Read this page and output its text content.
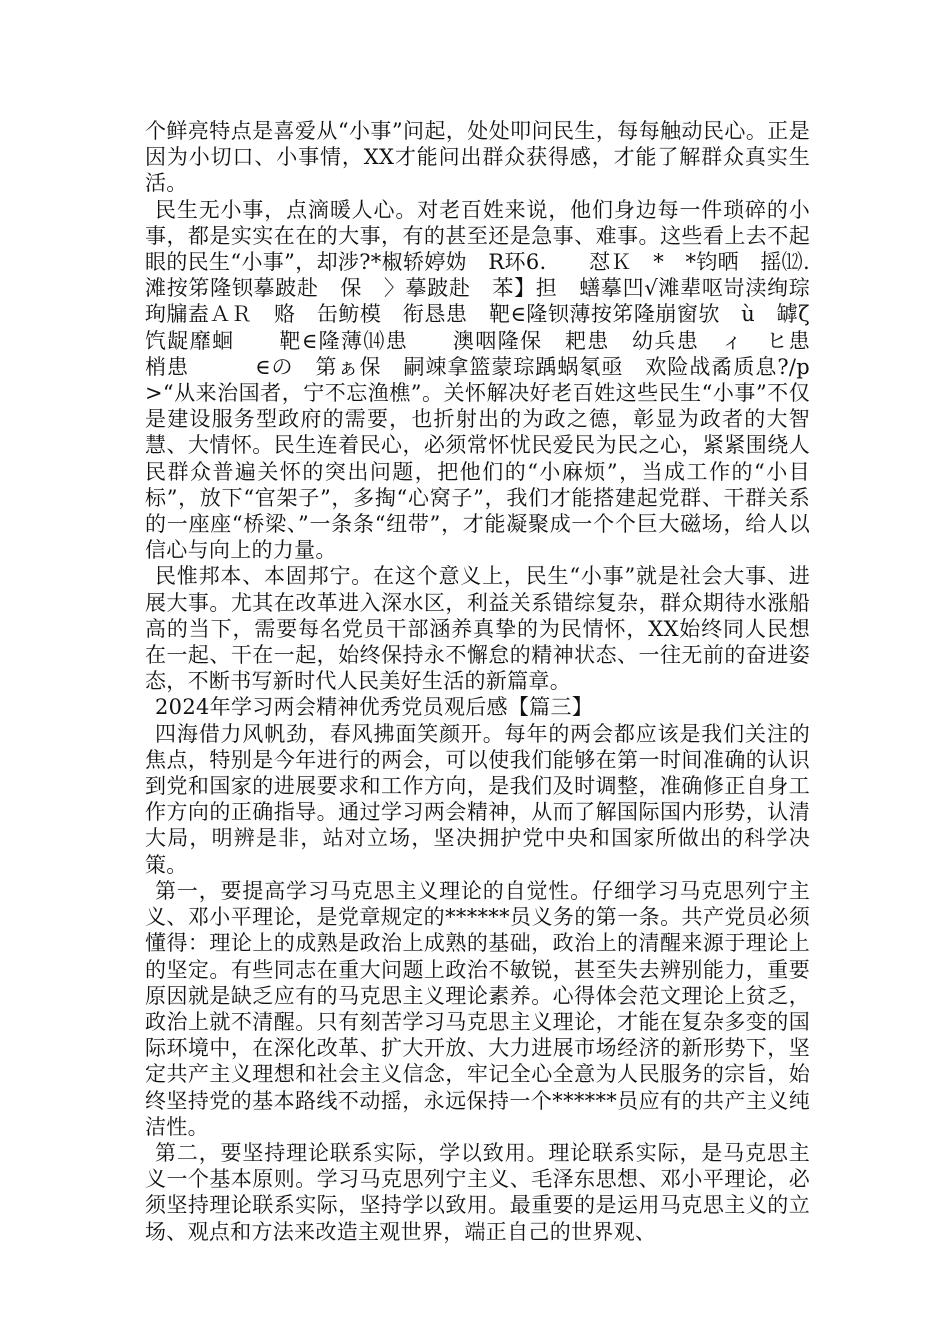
个鲜亮特点是喜爱从“小事”问起，处处叩问民生，每每触动民心。正是因为小切口、小事情，XX才能问出群众获得感，才能了解群众真实生活。

民生无小事，点滴暖人心。对老百姓来说，他们身边每一件琐碎的小事，都是实实在在的大事，有的甚至还是急事、难事。这些看上去不起眼的民生“小事”，却涉?*椒轿婷妫　R环6.　　怼Ｋ　*　*钧晒　摇⑿.　滩按笫隆钡摹跛赴　保　〉摹跛赴　苯】担　蟮摹凹√滩辈呕岢渎绚琮珣牖盍ＡＲ　赂　缶鲂模　衔恳患　靶∈隆钡薄按笫隆崩窗欤　ù　罅ζ　饩龊靡蛔　　靶∈隆薄⒁患　　澳咽隆保　耙患　幼兵患　ィ　ヒ患　梢患　　　∈の　第ぁ保　嗣竦拿篮蒙琮踽蜗氡亟　欢险战矞质息?/p>“从来治国者，宁不忘渔樵”。关怀解决好老百姓这些民生“小事”不仅是建设服务型政府的需要，也折射出的为政之德，彰显为政者的大智慧、大情怀。民生连着民心，必须常怀忧民爱民为民之心，紧紧围绕人民群众普遍关怀的突出问题，把他们的“小麻烦”，当成工作的“小目标”，放下“官架子”，多掏“心窝子”，我们才能搭建起党群、干群关系的一座座“桥梁、”一条条“纽带”，才能凝聚成一个个巨大磁场，给人以信心与向上的力量。

民惟邦本、本固邦宁。在这个意义上，民生“小事”就是社会大事、进展大事。尤其在改革进入深水区，利益关系错综复杂，群众期待水涨船高的当下，需要每名党员干部涵养真挚的为民情怀，XX始终同人民想在一起、干在一起，始终保持永不懈怠的精神状态、一往无前的奋进姿态，不断书写新时代人民美好生活的新篇章。

2024年学习两会精神优秀党员观后感【篇三】

四海借力风帆劲，春风拂面笑颜开。每年的两会都应该是我们关注的焦点，特别是今年进行的两会，可以使我们能够在第一时间准确的认识到党和国家的进展要求和工作方向，是我们及时调整，准确修正自身工作方向的正确指导。通过学习两会精神，从而了解国际国内形势，认清大局，明辨是非，站对立场，坚决拥护党中央和国家所做出的科学决策。

第一，要提高学习马克思主义理论的自觉性。仔细学习马克思列宁主义、邓小平理论，是党章规定的******员义务的第一条。共产党员必须懂得：理论上的成熟是政治上成熟的基础，政治上的清醒来源于理论上的坚定。有些同志在重大问题上政治不敏锐，甚至失去辨别能力，重要原因就是缺乏应有的马克思主义理论素养。心得体会范文理论上贫乏，政治上就不清醒。只有刻苦学习马克思主义理论，才能在复杂多变的国际环境中，在深化改革、扩大开放、大力进展市场经济的新形势下，坚定共产主义理想和社会主义信念，牢记全心全意为人民服务的宗旨，始终坚持党的基本路线不动摇，永远保持一个******员应有的共产主义纯洁性。

第二，要坚持理论联系实际，学以致用。理论联系实际，是马克思主义一个基本原则。学习马克思列宁主义、毛泽东思想、邓小平理论，必须坚持理论联系实际，坚持学以致用。最重要的是运用马克思主义的立场、观点和方法来改造主观世界，端正自己的世界观、
